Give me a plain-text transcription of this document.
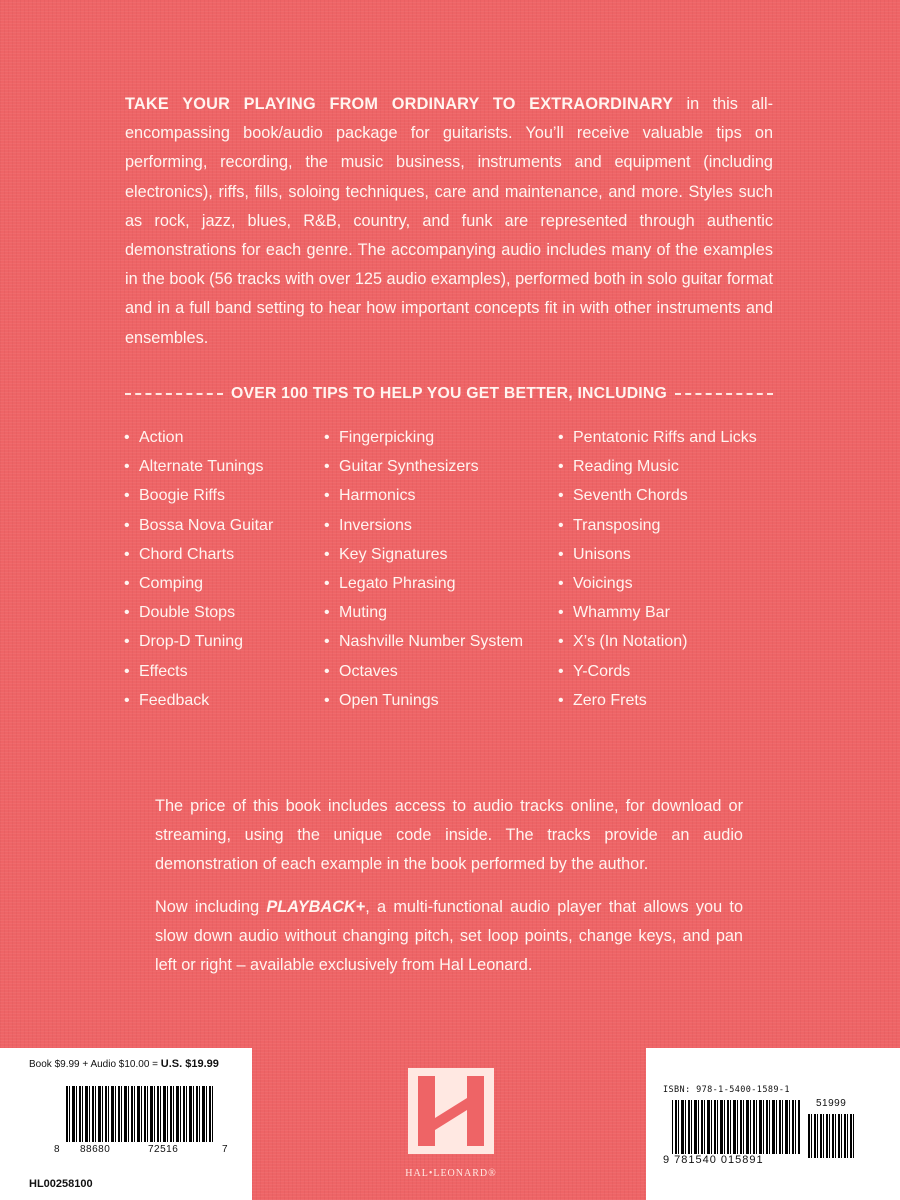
TAKE YOUR PLAYING FROM ORDINARY TO EXTRAORDINARY in this all-encompassing book/audio package for guitarists. You’ll receive valuable tips on performing, recording, the music business, instruments and equipment (including electronics), riffs, fills, soloing techniques, care and maintenance, and more. Styles such as rock, jazz, blues, R&B, country, and funk are represented through authentic demonstrations for each genre. The accompanying audio includes many of the examples in the book (56 tracks with over 125 audio examples), performed both in solo guitar format and in a full band setting to hear how important concepts fit in with other instruments and ensembles.

OVER 100 TIPS TO HELP YOU GET BETTER, INCLUDING
• Action
• Alternate Tunings
• Boogie Riffs
• Bossa Nova Guitar
• Chord Charts
• Comping
• Double Stops
• Drop-D Tuning
• Effects
• Feedback
• Fingerpicking
• Guitar Synthesizers
• Harmonics
• Inversions
• Key Signatures
• Legato Phrasing
• Muting
• Nashville Number System
• Octaves
• Open Tunings
• Pentatonic Riffs and Licks
• Reading Music
• Seventh Chords
• Transposing
• Unisons
• Voicings
• Whammy Bar
• X’s (In Notation)
• Y-Cords
• Zero Frets

The price of this book includes access to audio tracks online, for download or streaming, using the unique code inside. The tracks provide an audio demonstration of each example in the book performed by the author.

Now including PLAYBACK+, a multi-functional audio player that allows you to slow down audio without changing pitch, set loop points, change keys, and pan left or right – available exclusively from Hal Leonard.

Book $9.99 + Audio $10.00 = U.S. $19.99
8 88680	72516	7
HL00258100
HAL•LEONARD®
ISBN: 978-1-5400-1589-1
51999
9 781540 015891
